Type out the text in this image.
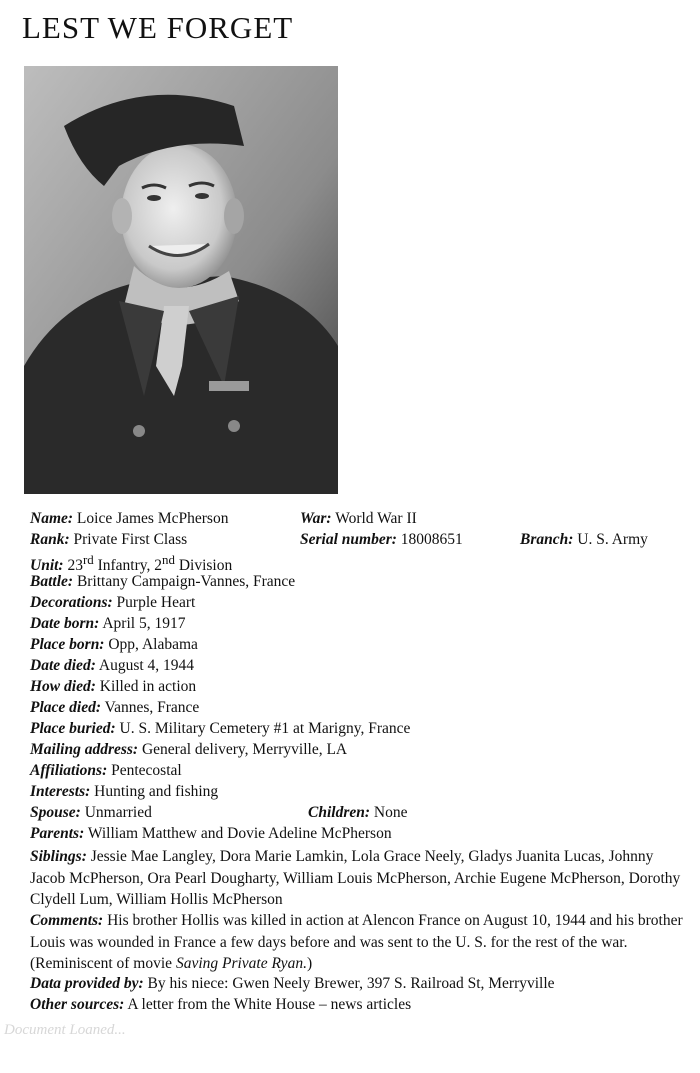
LEST WE FORGET
Name: Loice James McPherson	War: World War II
Rank: Private First Class	Serial number: 18008651	Branch: U. S. Army
Unit: 23rd Infantry, 2nd Division
Battle: Brittany Campaign-Vannes, France
Decorations: Purple Heart
Date born: April 5, 1917
Place born: Opp, Alabama
Date died: August 4, 1944
How died: Killed in action
Place died: Vannes, France
Place buried: U. S. Military Cemetery #1 at Marigny, France
Mailing address: General delivery, Merryville, LA
Affiliations: Pentecostal
Interests: Hunting and fishing
Spouse: Unmarried	Children: None
Parents: William Matthew and Dovie Adeline McPherson
Siblings: Jessie Mae Langley, Dora Marie Lamkin, Lola Grace Neely, Gladys Juanita Lucas, Johnny Jacob McPherson, Ora Pearl Dougharty, William Louis McPherson, Archie Eugene McPherson, Dorothy Clydell Lum, William Hollis McPherson
Comments: His brother Hollis was killed in action at Alencon France on August 10, 1944 and his brother Louis was wounded in France a few days before and was sent to the U. S. for the rest of the war. (Reminiscent of movie Saving Private Ryan.)
Data provided by: By his niece: Gwen Neely Brewer, 397 S. Railroad St, Merryville
Other sources: A letter from the White House – news articles
Document Loaned...
